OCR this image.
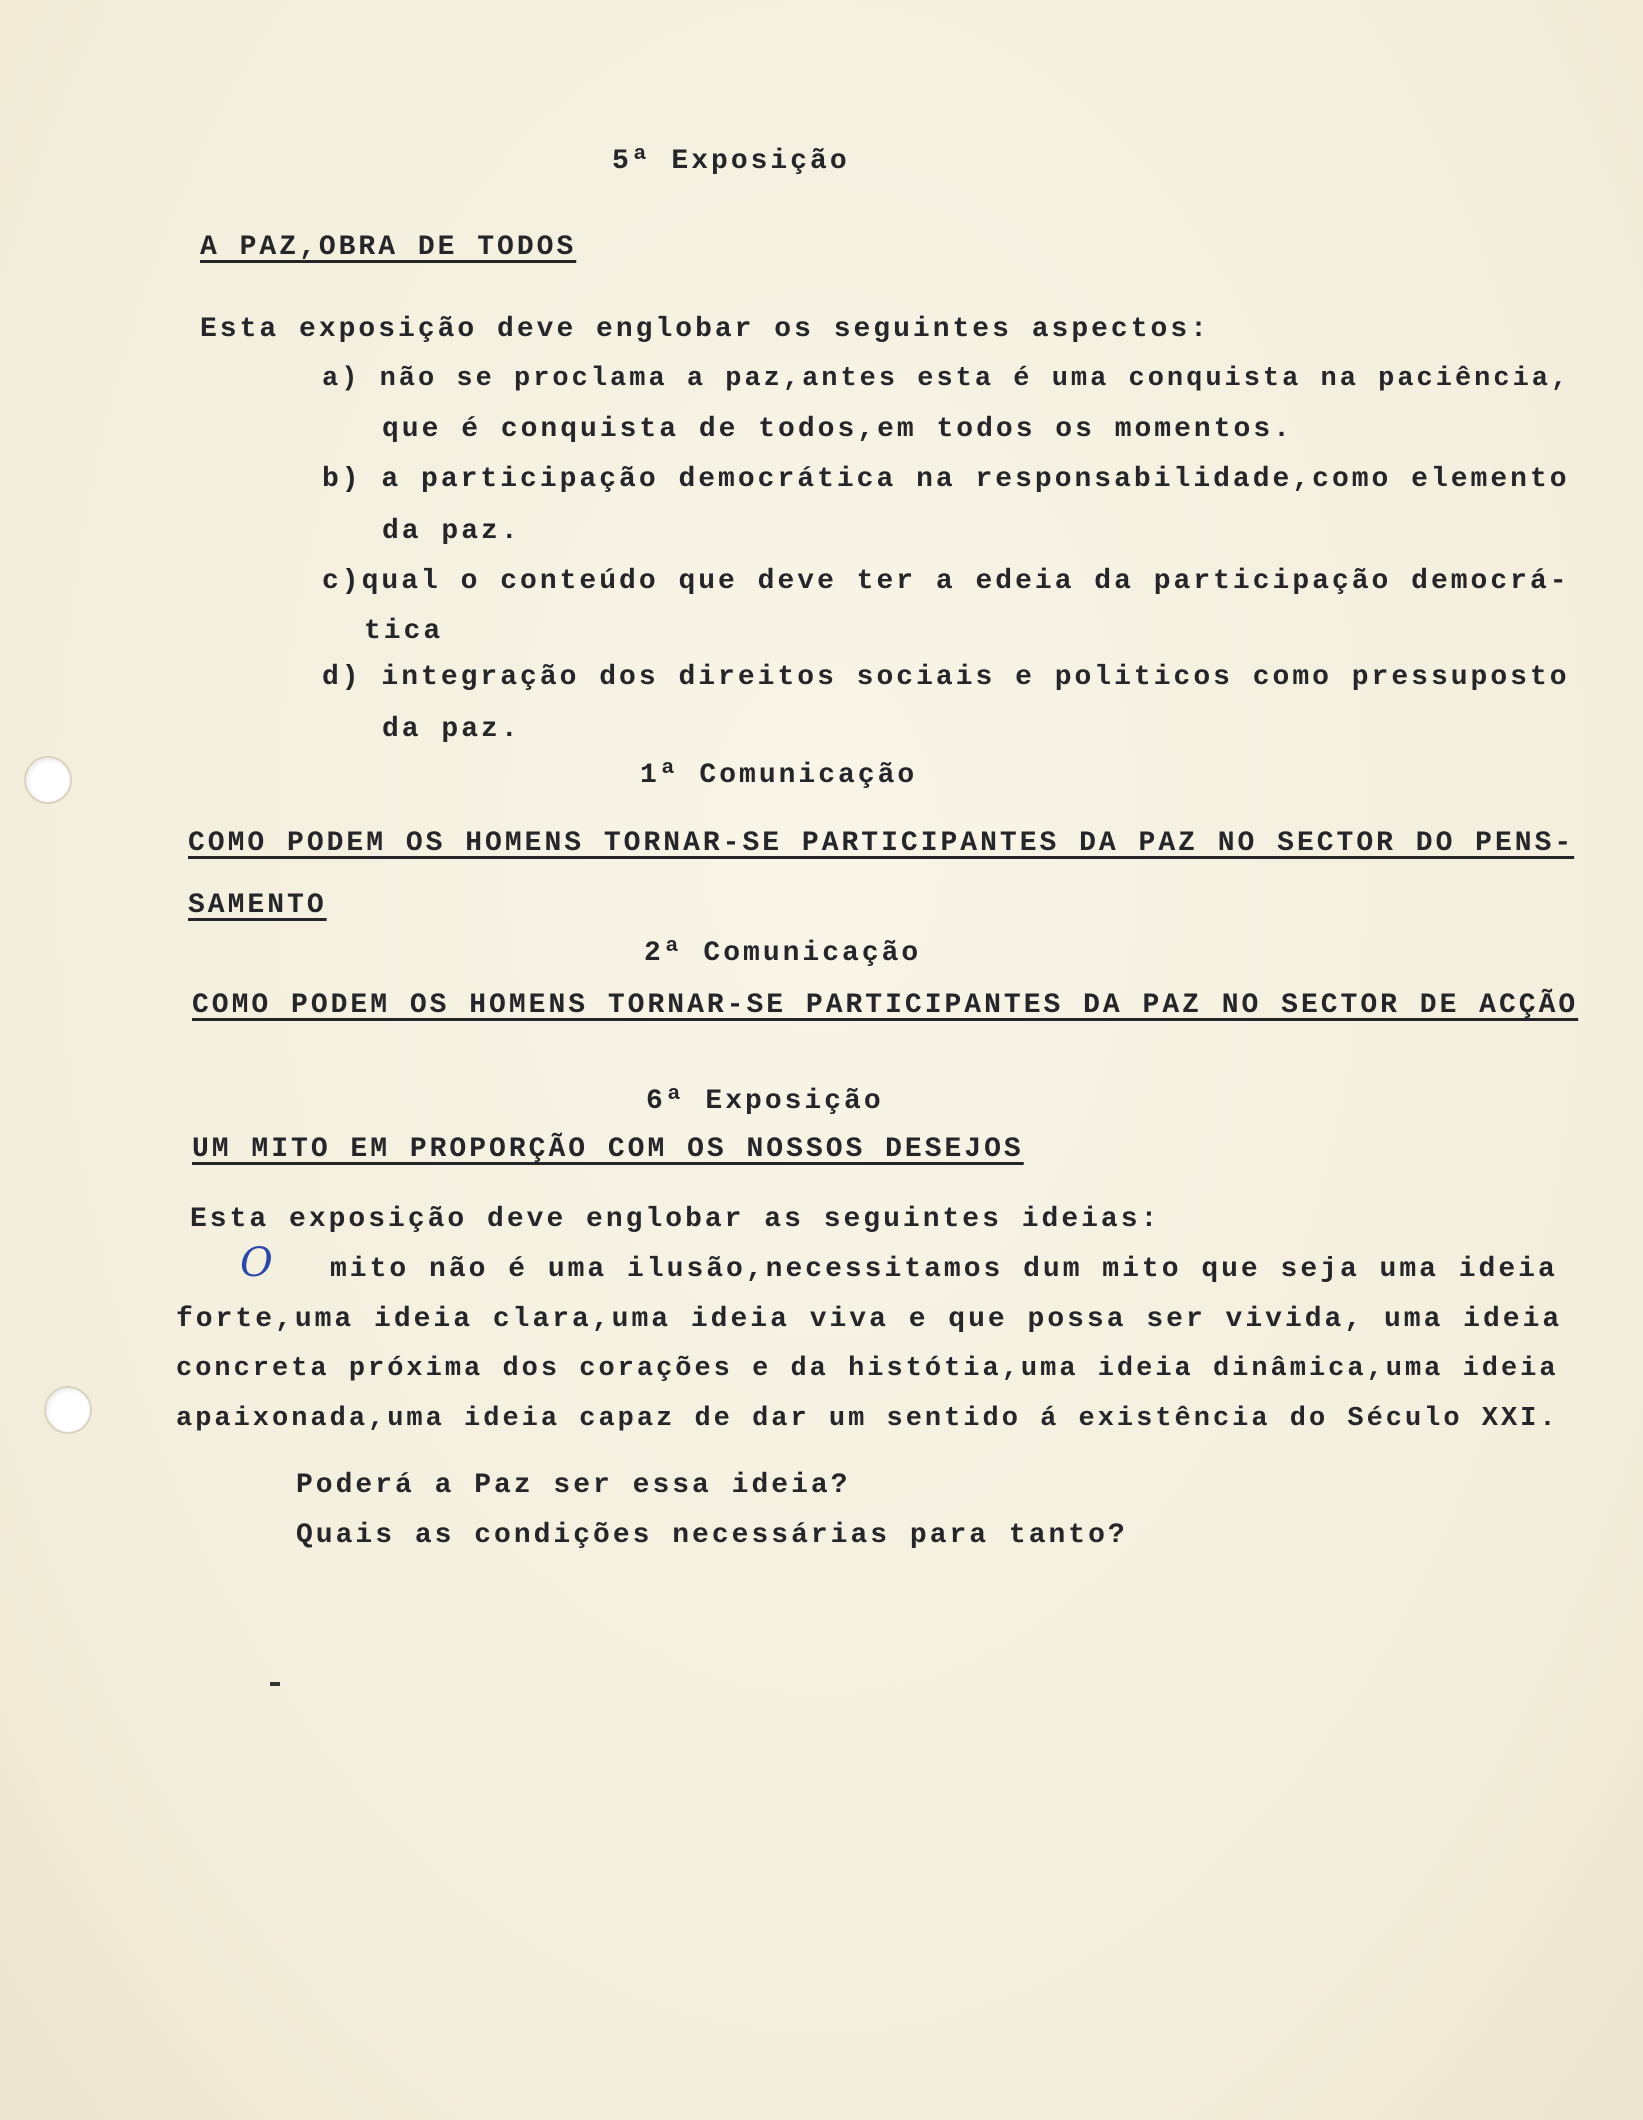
5ª Exposição
A PAZ,OBRA DE TODOS
Esta exposição deve englobar os seguintes aspectos:
a) não se proclama a paz,antes esta é uma conquista na paciência,
que é conquista de todos,em todos os momentos.
b) a participação democrática na responsabilidade,como elemento
da paz.
c)qual o conteúdo que deve ter a edeia da participação democrá-
tica
d) integração dos direitos sociais e politicos como pressuposto
da paz.
1ª Comunicação
COMO PODEM OS HOMENS TORNAR-SE PARTICIPANTES DA PAZ NO SECTOR DO PENS-
SAMENTO
2ª Comunicação
COMO PODEM OS HOMENS TORNAR-SE PARTICIPANTES DA PAZ NO SECTOR DE ACÇÃO
6ª Exposição
UM MITO EM PROPORÇÃO COM OS NOSSOS DESEJOS
Esta exposição deve englobar as seguintes ideias:
O mito não é uma ilusão,necessitamos dum mito que seja uma ideia
forte,uma ideia clara,uma ideia viva e que possa ser vivida, uma ideia
concreta próxima dos corações e da histótia,uma ideia dinâmica,uma ideia
apaixonada,uma ideia capaz de dar um sentido á existência do Século XXI.
Poderá a Paz ser essa ideia?
Quais as condições necessárias para tanto?
